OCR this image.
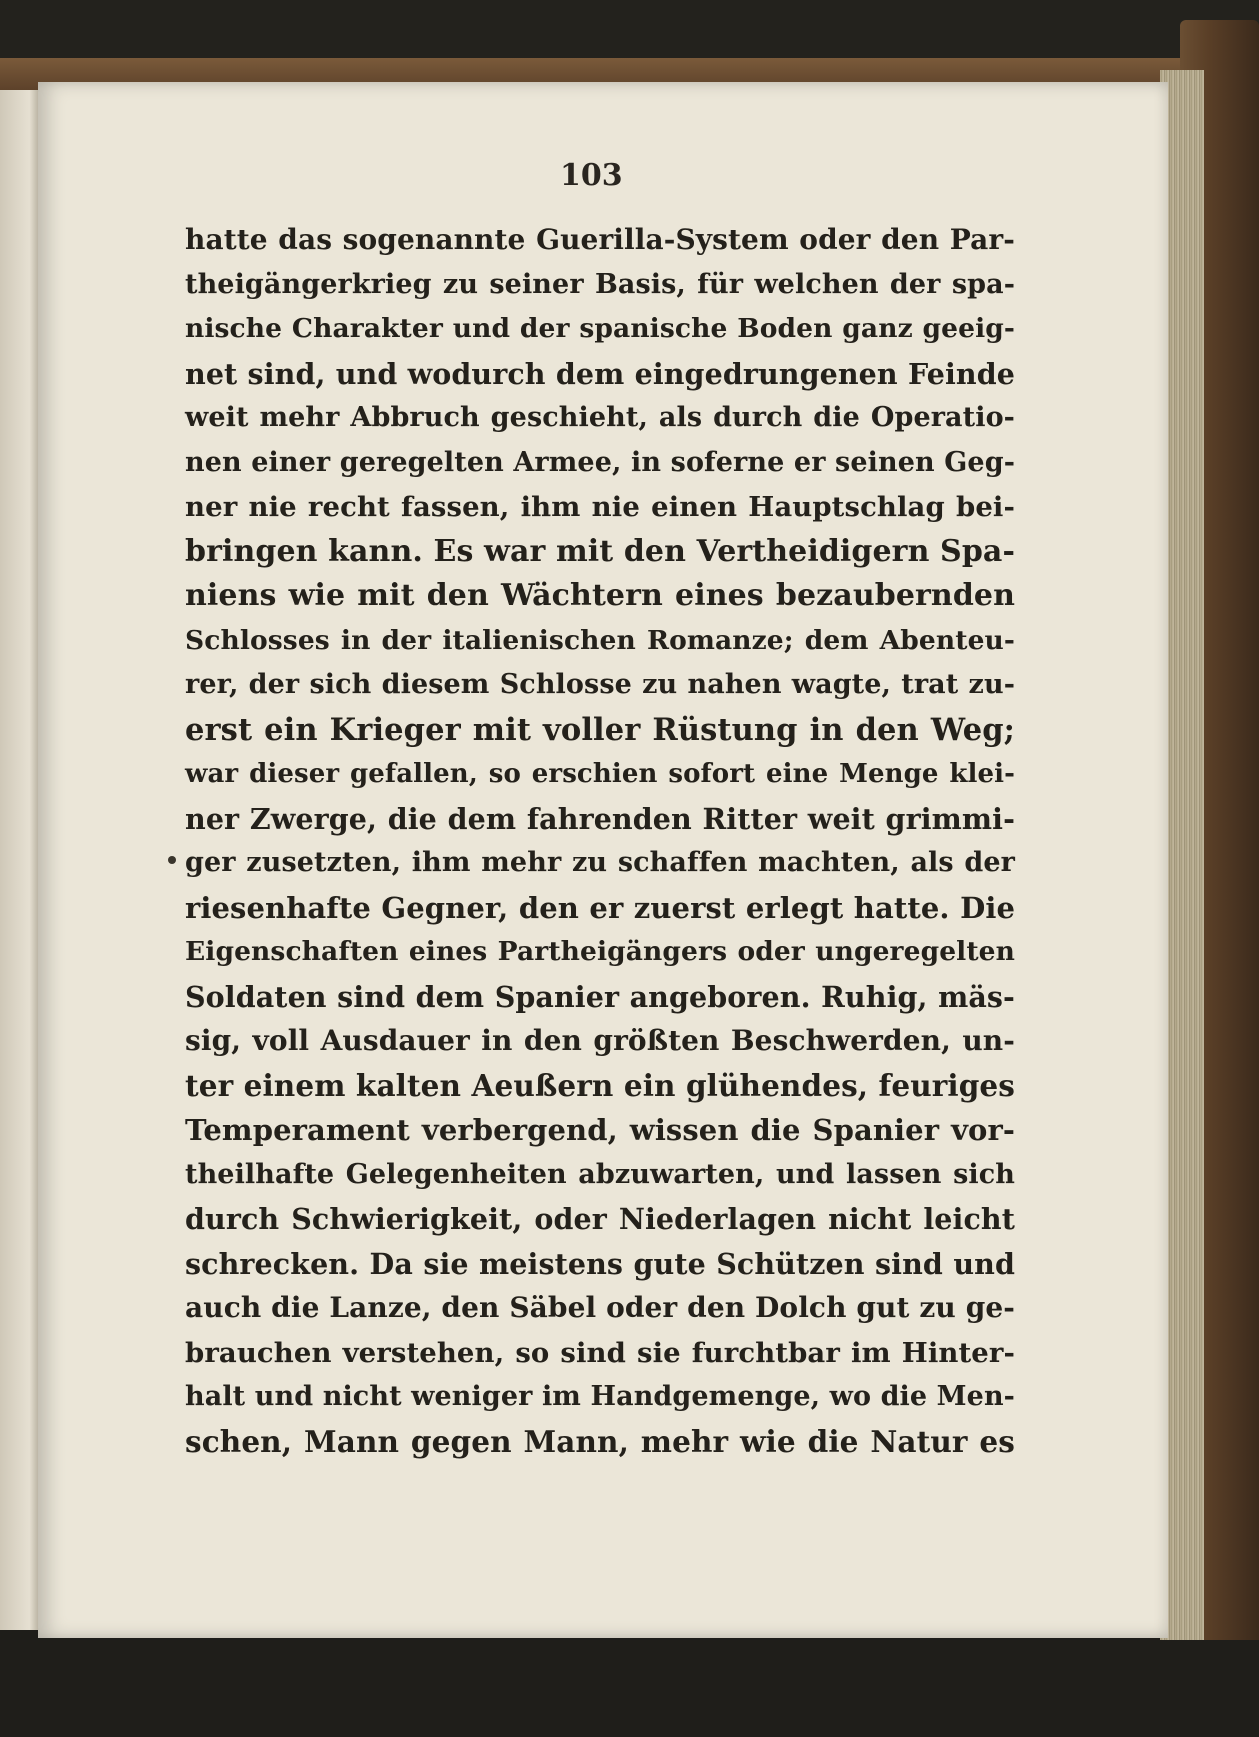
103
hatte das sogenannte Guerilla-System oder den Par-
theigängerkrieg zu seiner Basis, für welchen der spa-
nische Charakter und der spanische Boden ganz geeig-
net sind, und wodurch dem eingedrungenen Feinde
weit mehr Abbruch geschieht, als durch die Operatio-
nen einer geregelten Armee, in soferne er seinen Geg-
ner nie recht fassen, ihm nie einen Hauptschlag bei-
bringen kann. Es war mit den Vertheidigern Spa-
niens wie mit den Wächtern eines bezaubernden
Schlosses in der italienischen Romanze; dem Abenteu-
rer, der sich diesem Schlosse zu nahen wagte, trat zu-
erst ein Krieger mit voller Rüstung in den Weg;
war dieser gefallen, so erschien sofort eine Menge klei-
ner Zwerge, die dem fahrenden Ritter weit grimmi-
ger zusetzten, ihm mehr zu schaffen machten, als der
riesenhafte Gegner, den er zuerst erlegt hatte. Die
Eigenschaften eines Partheigängers oder ungeregelten
Soldaten sind dem Spanier angeboren. Ruhig, mäs-
sig, voll Ausdauer in den größten Beschwerden, un-
ter einem kalten Aeußern ein glühendes, feuriges
Temperament verbergend, wissen die Spanier vor-
theilhafte Gelegenheiten abzuwarten, und lassen sich
durch Schwierigkeit, oder Niederlagen nicht leicht
schrecken. Da sie meistens gute Schützen sind und
auch die Lanze, den Säbel oder den Dolch gut zu ge-
brauchen verstehen, so sind sie furchtbar im Hinter-
halt und nicht weniger im Handgemenge, wo die Men-
schen, Mann gegen Mann, mehr wie die Natur es
